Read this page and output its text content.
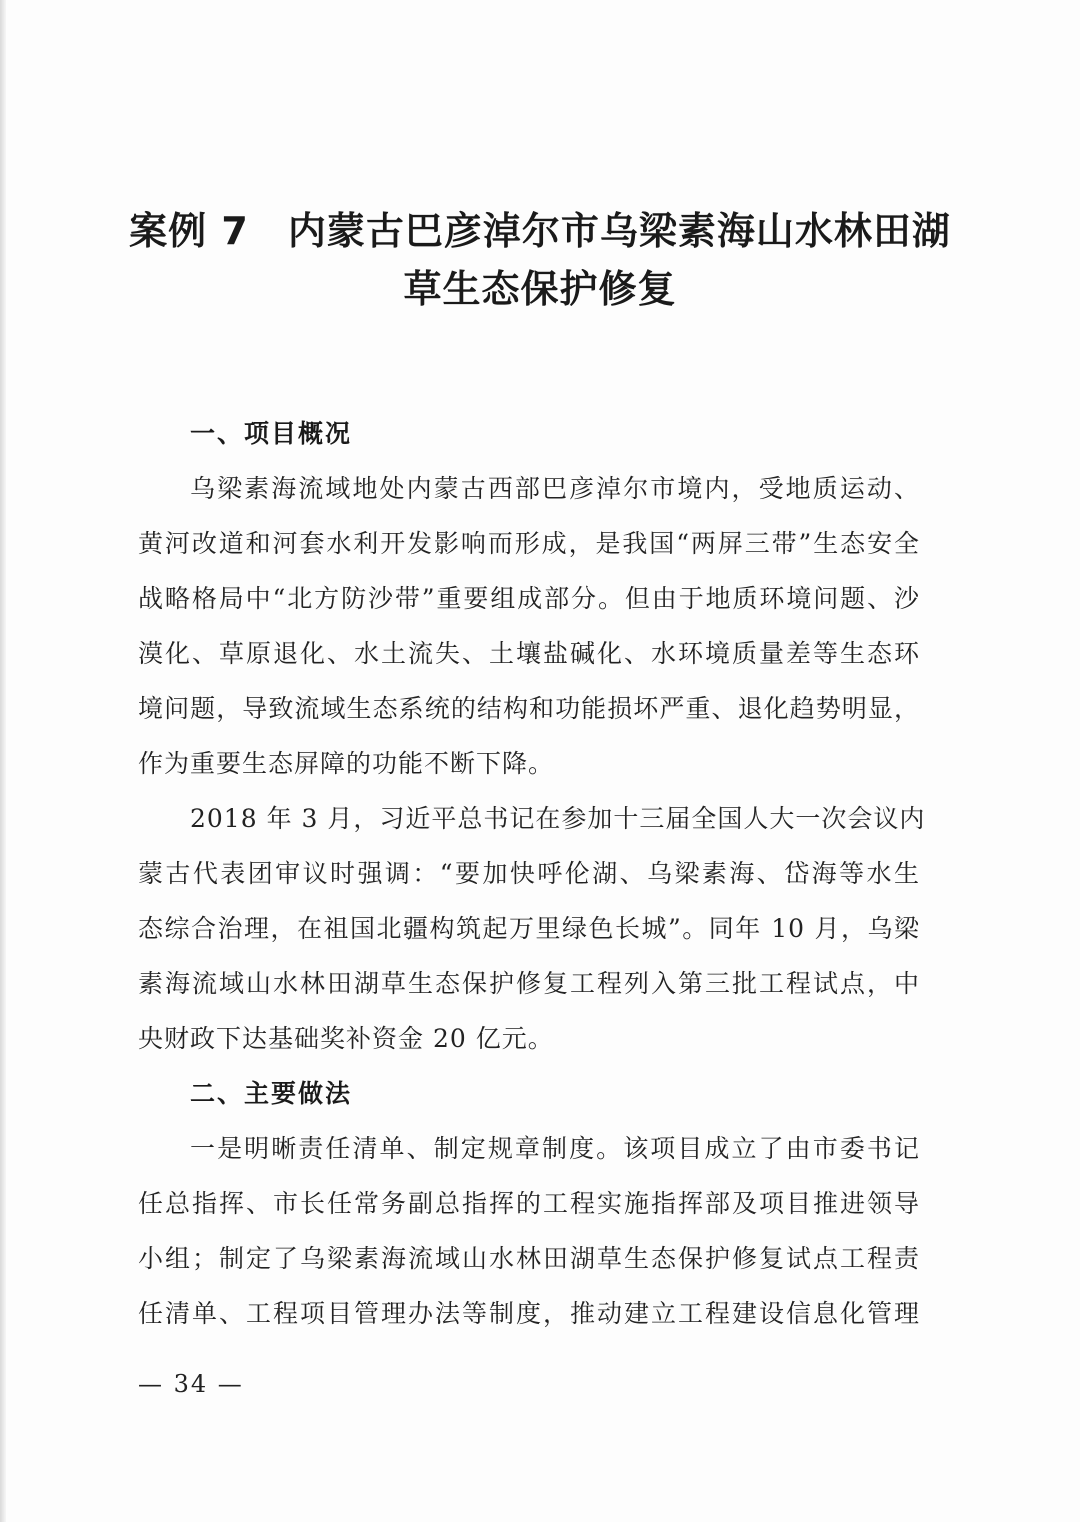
案例 7　内蒙古巴彦淖尔市乌梁素海山水林田湖
草生态保护修复
一、项目概况
乌梁素海流域地处内蒙古西部巴彦淖尔市境内，受地质运动、
黄河改道和河套水利开发影响而形成，是我国“两屏三带”生态安全
战略格局中“北方防沙带”重要组成部分。但由于地质环境问题、沙
漠化、草原退化、水土流失、土壤盐碱化、水环境质量差等生态环
境问题，导致流域生态系统的结构和功能损坏严重、退化趋势明显，
作为重要生态屏障的功能不断下降。
2018 年 3 月，习近平总书记在参加十三届全国人大一次会议内
蒙古代表团审议时强调：“要加快呼伦湖、乌梁素海、岱海等水生
态综合治理，在祖国北疆构筑起万里绿色长城”。同年 10 月，乌梁
素海流域山水林田湖草生态保护修复工程列入第三批工程试点，中
央财政下达基础奖补资金 20 亿元。
二、主要做法
一是明晰责任清单、制定规章制度。该项目成立了由市委书记
任总指挥、市长任常务副总指挥的工程实施指挥部及项目推进领导
小组；制定了乌梁素海流域山水林田湖草生态保护修复试点工程责
任清单、工程项目管理办法等制度，推动建立工程建设信息化管理
— 34 —
